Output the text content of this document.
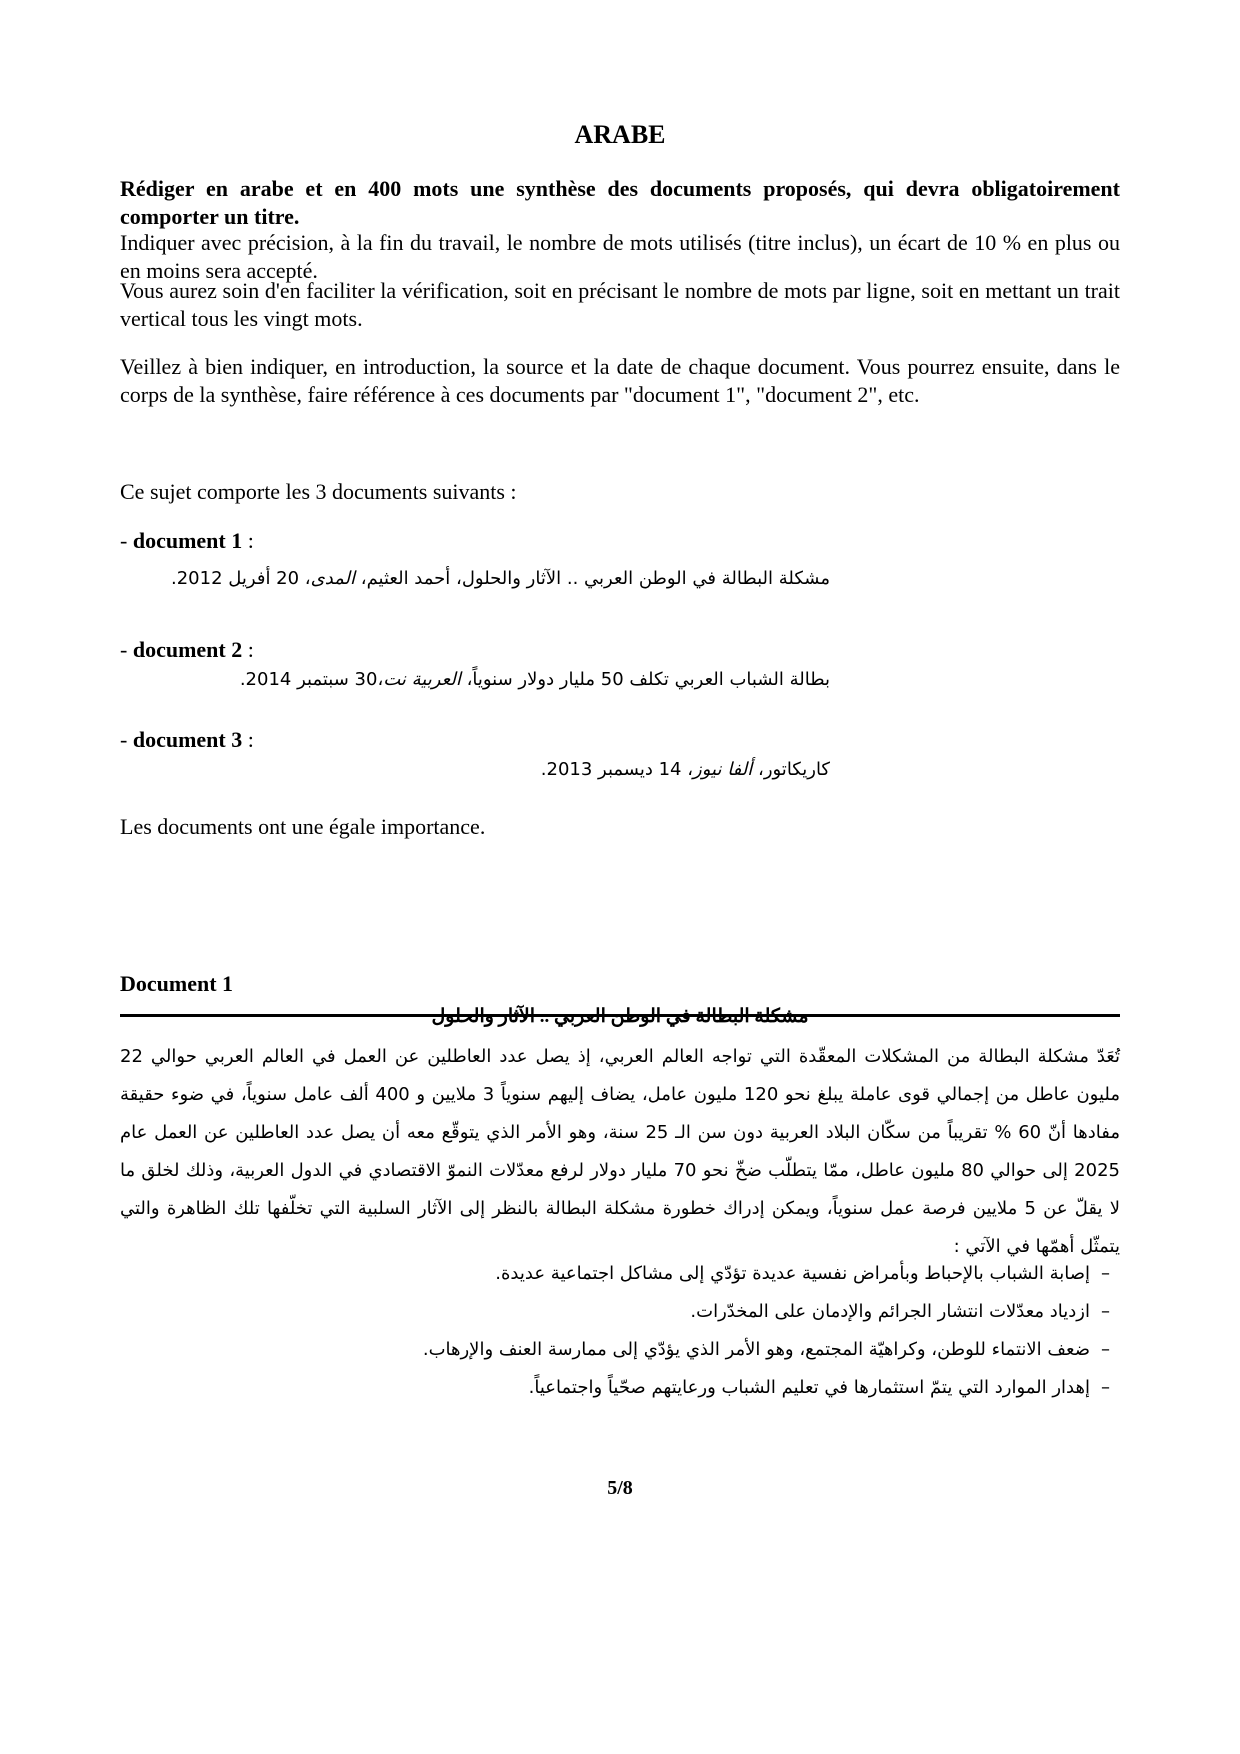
ARABE
Rédiger en arabe et en 400 mots une synthèse des documents proposés, qui devra obligatoirement comporter un titre.
Indiquer avec précision, à la fin du travail, le nombre de mots utilisés (titre inclus), un écart de 10 % en plus ou en moins sera accepté.
Vous aurez soin d'en faciliter la vérification, soit en précisant le nombre de mots par ligne, soit en mettant un trait vertical tous les vingt mots.
Veillez à bien indiquer, en introduction, la source et la date de chaque document. Vous pourrez ensuite, dans le corps de la synthèse, faire référence à ces documents par "document 1", "document 2", etc.
Ce sujet comporte les 3 documents suivants :
- document 1 :
مشكلة البطالة في الوطن العربي .. الآثار والحلول، أحمد العثيم، المدى، 20 أفريل 2012.
- document 2 :
بطالة الشباب العربي تكلف 50 مليار دولار سنوياً، العربية نت،30 سبتمبر 2014.
- document 3 :
كاريكاتور، ألفا نيوز، 14 ديسمبر 2013.
Les documents ont une égale importance.
Document 1
مشكلة البطالة في الوطن العربي .. الآثار والحلول
تُعَدّ مشكلة البطالة من المشكلات المعقّدة التي تواجه العالم العربي، إذ يصل عدد العاطلين عن العمل في العالم العربي حوالي 22 مليون عاطل من إجمالي قوى عاملة يبلغ نحو 120 مليون عامل، يضاف إليهم سنوياً 3 ملايين و 400 ألف عامل سنوياً، في ضوء حقيقة مفادها أنّ 60 % تقريباً من سكّان البلاد العربية دون سن الـ 25 سنة، وهو الأمر الذي يتوقّع معه أن يصل عدد العاطلين عن العمل عام 2025 إلى حوالي 80 مليون عاطل، ممّا يتطلّب ضخّ نحو 70 مليار دولار لرفع معدّلات النموّ الاقتصادي في الدول العربية، وذلك لخلق ما لا يقلّ عن 5 ملايين فرصة عمل سنوياً، ويمكن إدراك خطورة مشكلة البطالة بالنظر إلى الآثار السلبية التي تخلّفها تلك الظاهرة والتي يتمثّل أهمّها في الآتي :
– إصابة الشباب بالإحباط وبأمراض نفسية عديدة تؤدّي إلى مشاكل اجتماعية عديدة.
– ازدياد معدّلات انتشار الجرائم والإدمان على المخدّرات.
– ضعف الانتماء للوطن، وكراهيّة المجتمع، وهو الأمر الذي يؤدّي إلى ممارسة العنف والإرهاب.
– إهدار الموارد التي يتمّ استثمارها في تعليم الشباب ورعايتهم صحّياً واجتماعياً.
5/8
